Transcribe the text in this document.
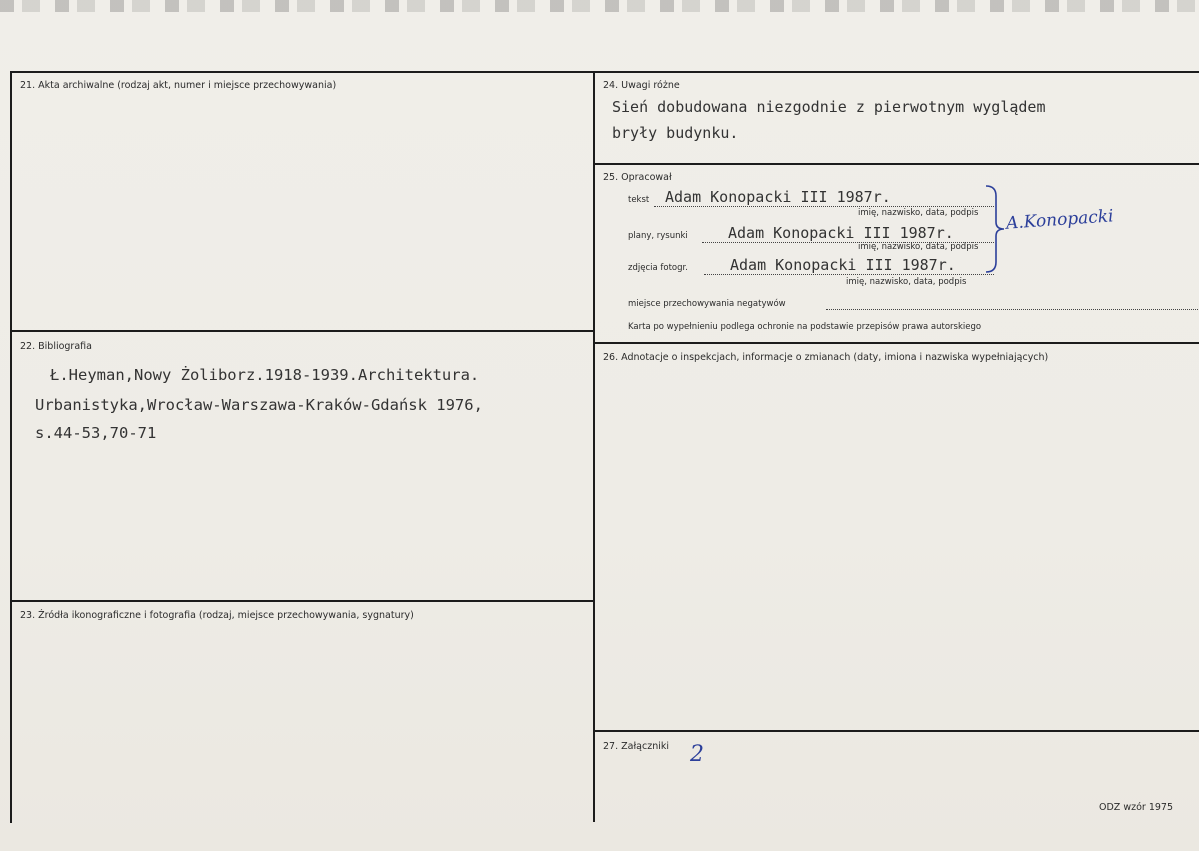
21. Akta archiwalne (rodzaj akt, numer i miejsce przechowywania)
22. Bibliografia
Ł.Heyman,Nowy Żoliborz.1918-1939.Architektura.
Urbanistyka,Wrocław-Warszawa-Kraków-Gdańsk 1976,
s.44-53,70-71
23. Źródła ikonograficzne i fotografia (rodzaj, miejsce przechowywania, sygnatury)
24. Uwagi różne
Sień dobudowana niezgodnie z pierwotnym wyglądem
bryły budynku.
25. Opracował
tekst Adam Konopacki III 1987r.
imię, nazwisko, data, podpis
plany, rysunki	Adam Konopacki III 1987r.
imię, nazwisko, data, podpis
zdjęcia fotogr.	Adam Konopacki III 1987r.
imię, nazwisko, data, podpis
A.Konopacki
miejsce przechowywania negatywów
Karta po wypełnieniu podlega ochronie na podstawie przepisów prawa autorskiego
26. Adnotacje o inspekcjach, informacje o zmianach (daty, imiona i nazwiska wypełniających)
27. Załączniki 2
ODZ wzór 1975
